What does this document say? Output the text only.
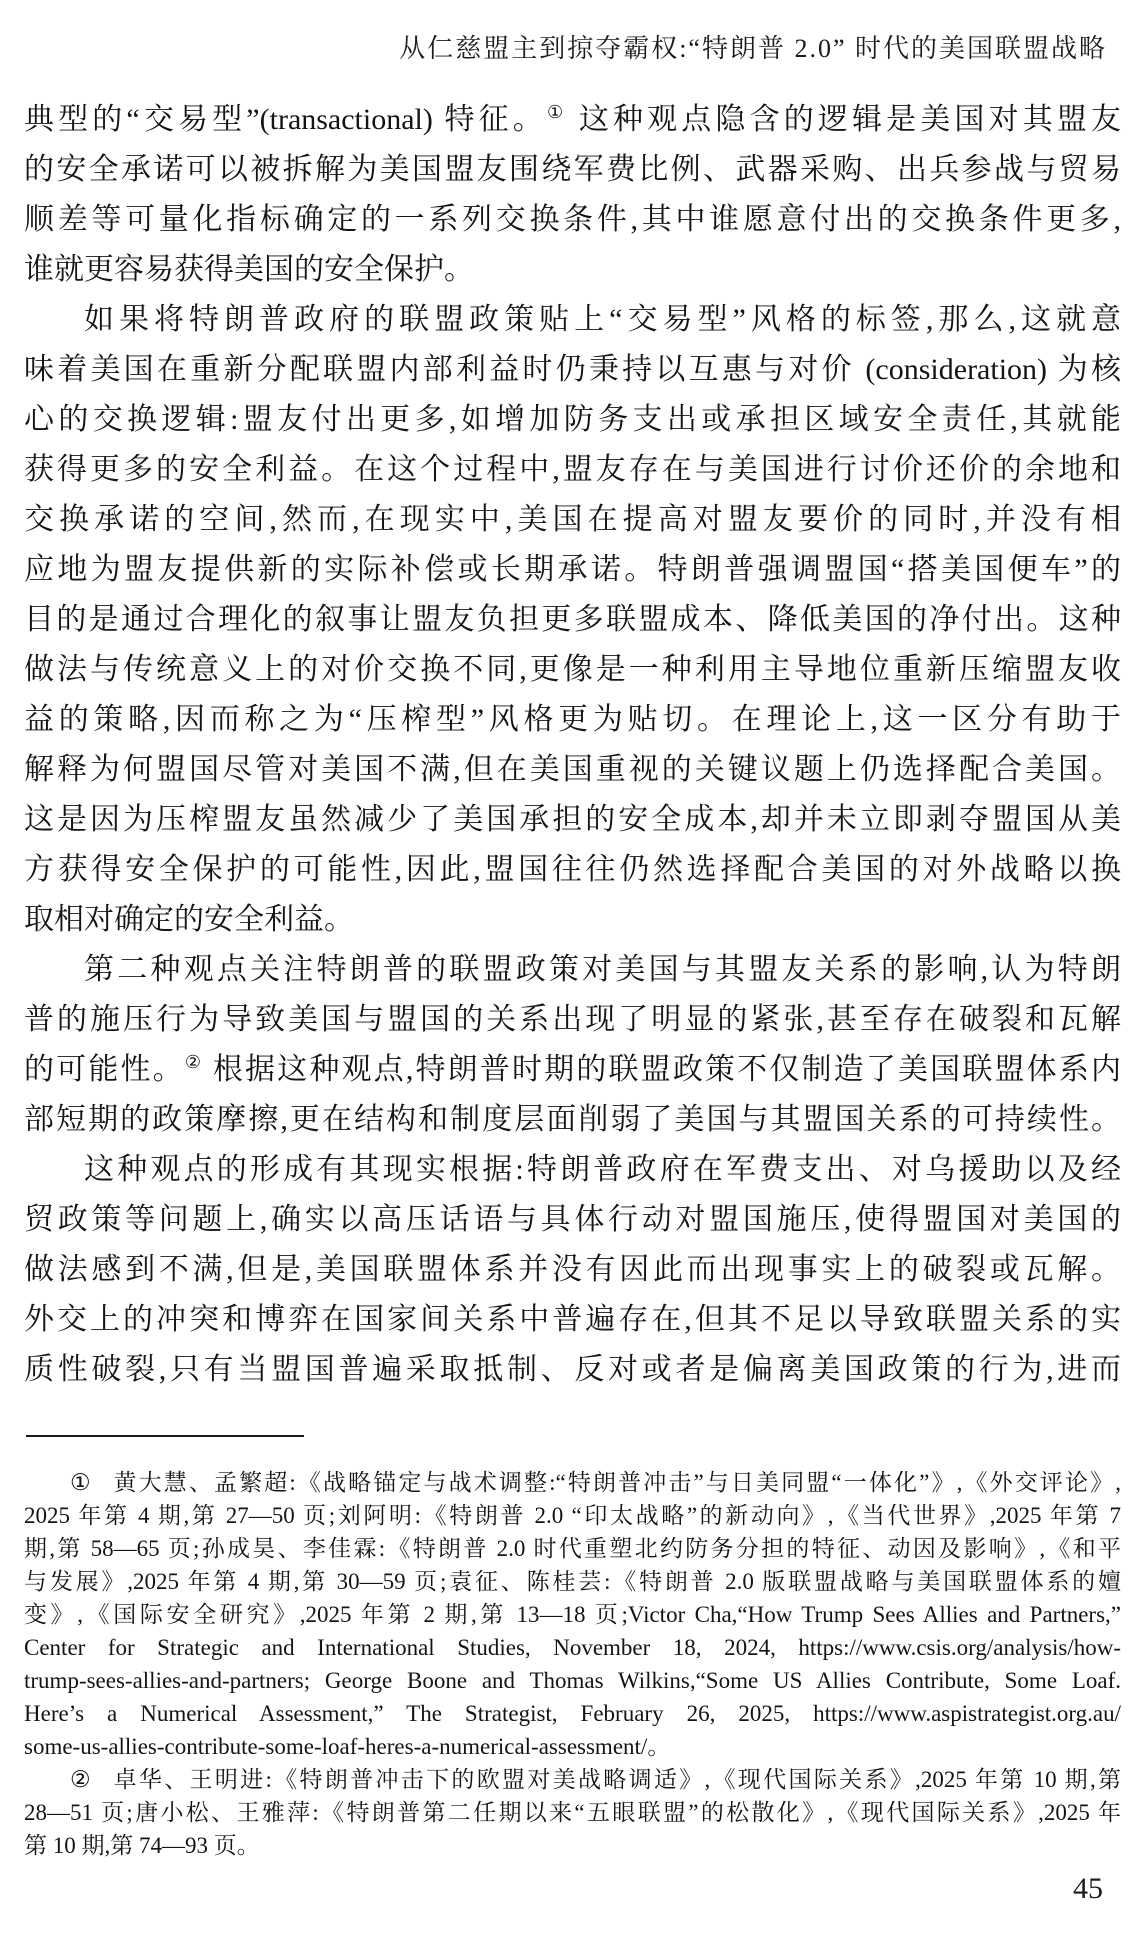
从仁慈盟主到掠夺霸权:“特朗普 2.0” 时代的美国联盟战略
典型的“交易型”(transactional) 特征。① 这种观点隐含的逻辑是美国对其盟友
的安全承诺可以被拆解为美国盟友围绕军费比例、武器采购、出兵参战与贸易
顺差等可量化指标确定的一系列交换条件,其中谁愿意付出的交换条件更多,
谁就更容易获得美国的安全保护。
如果将特朗普政府的联盟政策贴上“交易型”风格的标签,那么,这就意
味着美国在重新分配联盟内部利益时仍秉持以互惠与对价 (consideration) 为核
心的交换逻辑:盟友付出更多,如增加防务支出或承担区域安全责任,其就能
获得更多的安全利益。在这个过程中,盟友存在与美国进行讨价还价的余地和
交换承诺的空间,然而,在现实中,美国在提高对盟友要价的同时,并没有相
应地为盟友提供新的实际补偿或长期承诺。特朗普强调盟国“搭美国便车”的
目的是通过合理化的叙事让盟友负担更多联盟成本、降低美国的净付出。这种
做法与传统意义上的对价交换不同,更像是一种利用主导地位重新压缩盟友收
益的策略,因而称之为“压榨型”风格更为贴切。在理论上,这一区分有助于
解释为何盟国尽管对美国不满,但在美国重视的关键议题上仍选择配合美国。
这是因为压榨盟友虽然减少了美国承担的安全成本,却并未立即剥夺盟国从美
方获得安全保护的可能性,因此,盟国往往仍然选择配合美国的对外战略以换
取相对确定的安全利益。
第二种观点关注特朗普的联盟政策对美国与其盟友关系的影响,认为特朗
普的施压行为导致美国与盟国的关系出现了明显的紧张,甚至存在破裂和瓦解
的可能性。② 根据这种观点,特朗普时期的联盟政策不仅制造了美国联盟体系内
部短期的政策摩擦,更在结构和制度层面削弱了美国与其盟国关系的可持续性。
这种观点的形成有其现实根据:特朗普政府在军费支出、对乌援助以及经
贸政策等问题上,确实以高压话语与具体行动对盟国施压,使得盟国对美国的
做法感到不满,但是,美国联盟体系并没有因此而出现事实上的破裂或瓦解。
外交上的冲突和博弈在国家间关系中普遍存在,但其不足以导致联盟关系的实
质性破裂,只有当盟国普遍采取抵制、反对或者是偏离美国政策的行为,进而
① 黄大慧、孟繁超:《战略锚定与战术调整:“特朗普冲击”与日美同盟“一体化”》,《外交评论》,
2025 年第 4 期,第 27—50 页;刘阿明:《特朗普 2.0 “印太战略”的新动向》,《当代世界》,2025 年第 7
期,第 58—65 页;孙成昊、李佳霖:《特朗普 2.0 时代重塑北约防务分担的特征、动因及影响》,《和平
与发展》,2025 年第 4 期,第 30—59 页;袁征、陈桂芸:《特朗普 2.0 版联盟战略与美国联盟体系的嬗
变》,《国际安全研究》,2025 年第 2 期,第 13—18 页;Victor Cha,“How Trump Sees Allies and Partners,”
Center for Strategic and International Studies, November 18, 2024, https://www.csis.org/analysis/how-
trump-sees-allies-and-partners; George Boone and Thomas Wilkins,“Some US Allies Contribute, Some Loaf.
Here’s a Numerical Assessment,” The Strategist, February 26, 2025, https://www.aspistrategist.org.au/
some-us-allies-contribute-some-loaf-heres-a-numerical-assessment/。
② 卓华、王明进:《特朗普冲击下的欧盟对美战略调适》,《现代国际关系》,2025 年第 10 期,第
28—51 页;唐小松、王雅萍:《特朗普第二任期以来“五眼联盟”的松散化》,《现代国际关系》,2025 年
第 10 期,第 74—93 页。
45
